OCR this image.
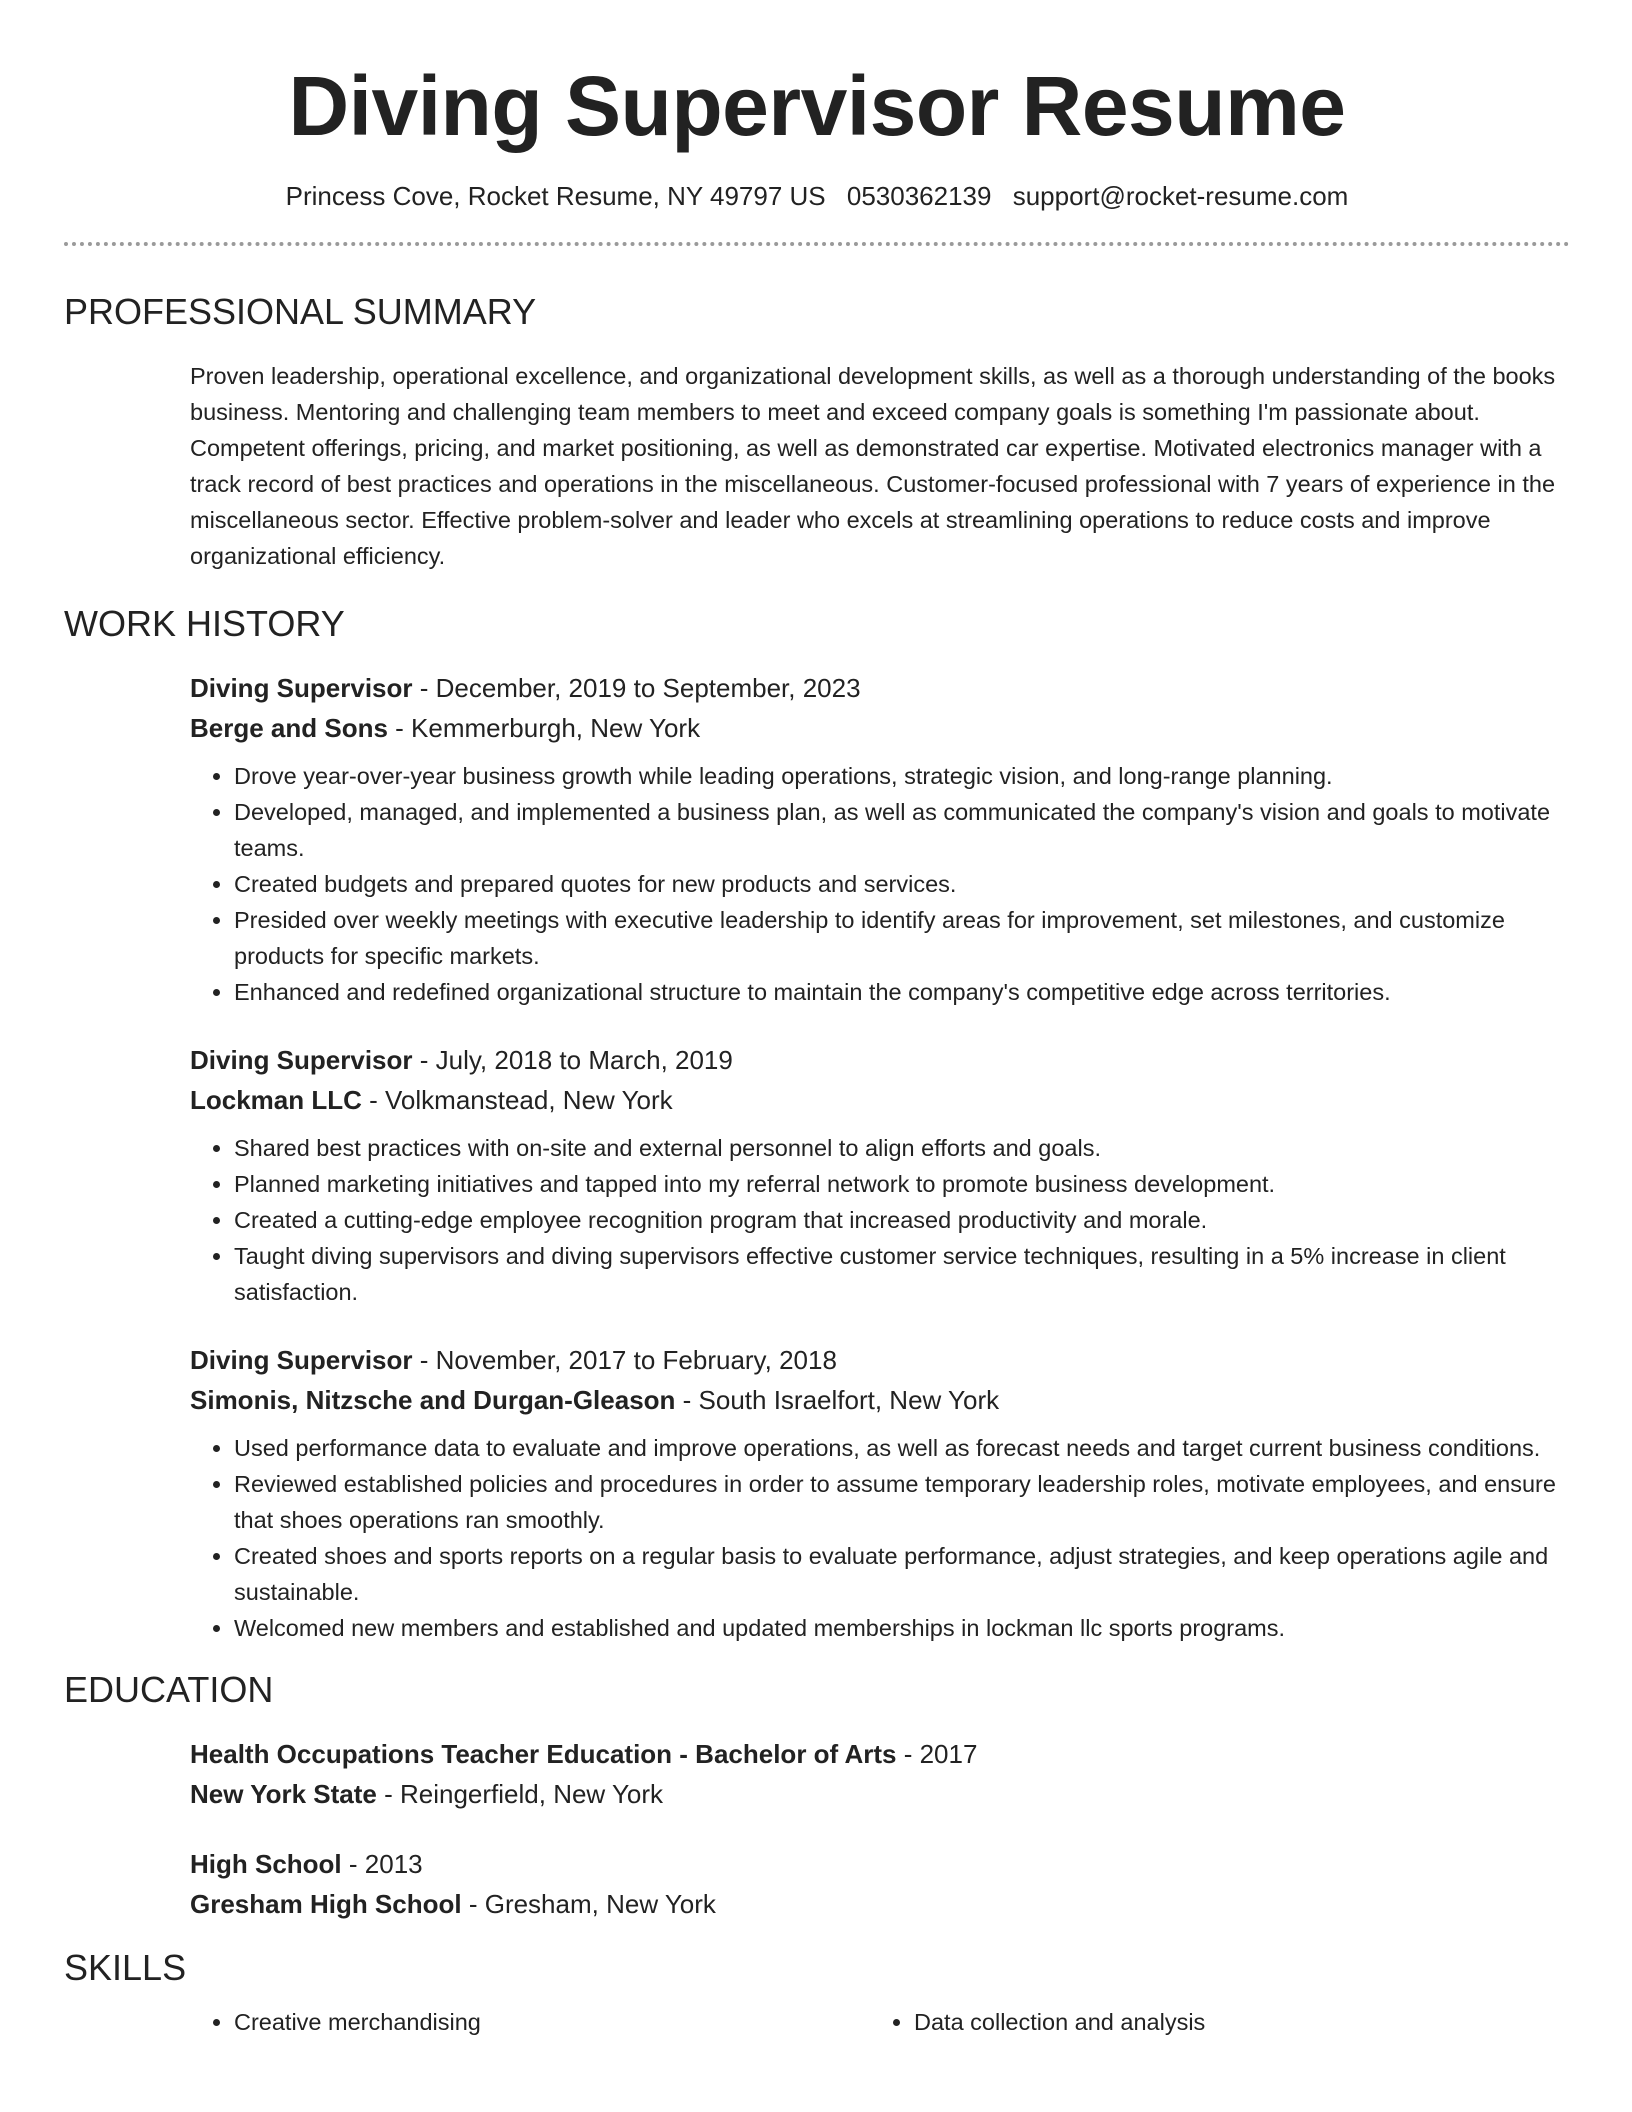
Diving Supervisor Resume
Princess Cove, Rocket Resume, NY 49797 US 0530362139 support@rocket-resume.com
PROFESSIONAL SUMMARY
Proven leadership, operational excellence, and organizational development skills, as well as a thorough understanding of the books business. Mentoring and challenging team members to meet and exceed company goals is something I'm passionate about. Competent offerings, pricing, and market positioning, as well as demonstrated car expertise. Motivated electronics manager with a track record of best practices and operations in the miscellaneous. Customer-focused professional with 7 years of experience in the miscellaneous sector. Effective problem-solver and leader who excels at streamlining operations to reduce costs and improve organizational efficiency.
WORK HISTORY
Diving Supervisor - December, 2019 to September, 2023
Berge and Sons - Kemmerburgh, New York
• Drove year-over-year business growth while leading operations, strategic vision, and long-range planning.
• Developed, managed, and implemented a business plan, as well as communicated the company's vision and goals to motivate teams.
• Created budgets and prepared quotes for new products and services.
• Presided over weekly meetings with executive leadership to identify areas for improvement, set milestones, and customize products for specific markets.
• Enhanced and redefined organizational structure to maintain the company's competitive edge across territories.
Diving Supervisor - July, 2018 to March, 2019
Lockman LLC - Volkmanstead, New York
• Shared best practices with on-site and external personnel to align efforts and goals.
• Planned marketing initiatives and tapped into my referral network to promote business development.
• Created a cutting-edge employee recognition program that increased productivity and morale.
• Taught diving supervisors and diving supervisors effective customer service techniques, resulting in a 5% increase in client satisfaction.
Diving Supervisor - November, 2017 to February, 2018
Simonis, Nitzsche and Durgan-Gleason - South Israelfort, New York
• Used performance data to evaluate and improve operations, as well as forecast needs and target current business conditions.
• Reviewed established policies and procedures in order to assume temporary leadership roles, motivate employees, and ensure that shoes operations ran smoothly.
• Created shoes and sports reports on a regular basis to evaluate performance, adjust strategies, and keep operations agile and sustainable.
• Welcomed new members and established and updated memberships in lockman llc sports programs.
EDUCATION
Health Occupations Teacher Education - Bachelor of Arts - 2017
New York State - Reingerfield, New York
High School - 2013
Gresham High School - Gresham, New York
SKILLS
• Creative merchandising
•	Data collection and analysis
